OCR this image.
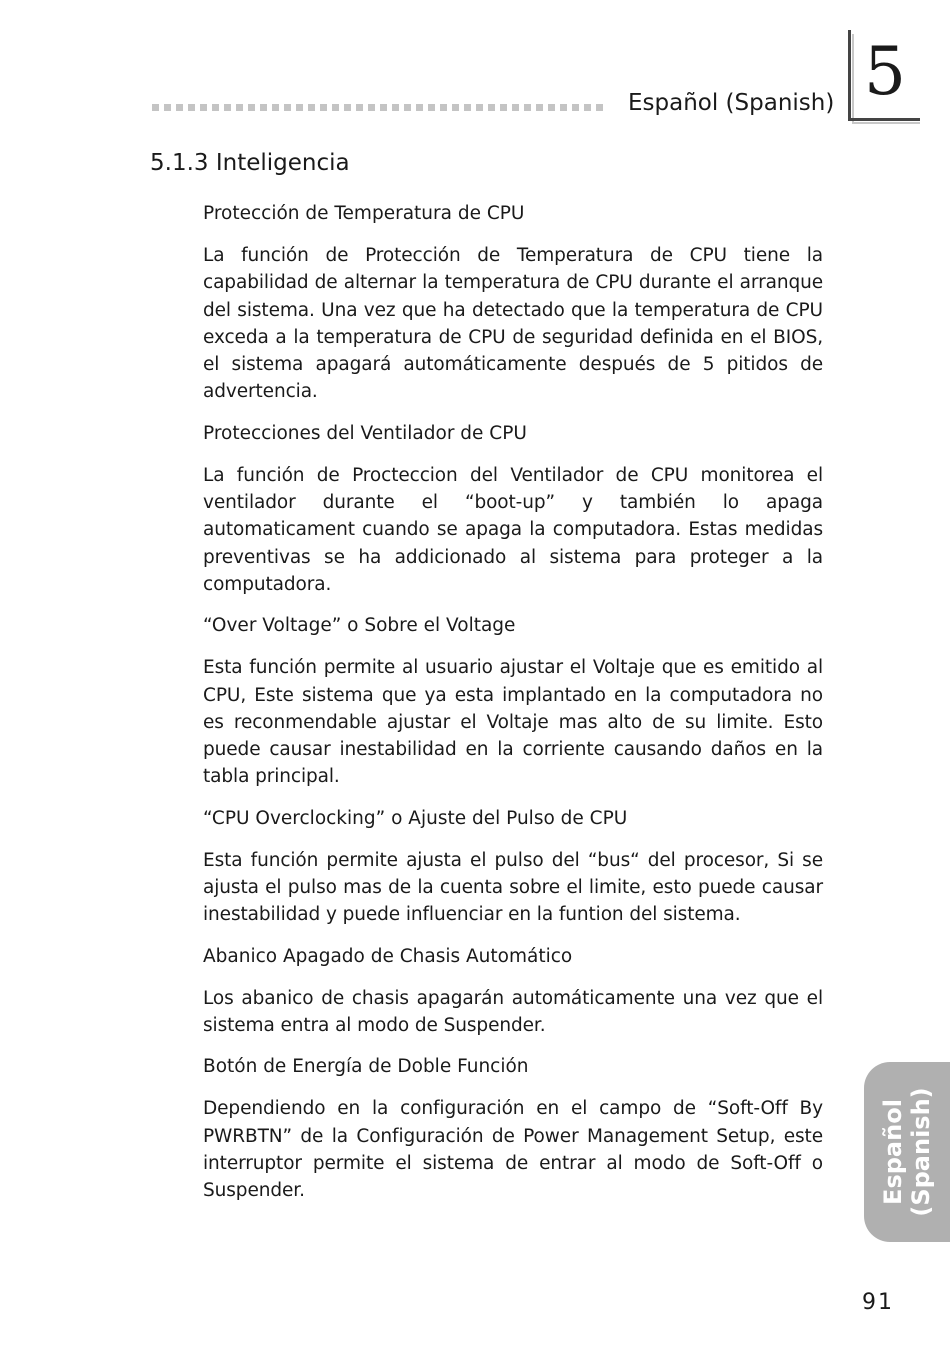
Español (Spanish) 5
5.1.3 Inteligencia
Protección de Temperatura de CPU

La función de Protección de Temperatura de CPU tiene la capabilidad de alternar la temperatura de CPU durante el arranque del sistema. Una vez que ha detectado que la temperatura de CPU exceda a la temperatura de CPU de seguridad definida en el BIOS, el sistema apagará automáticamente después de 5 pitidos de advertencia.

Protecciones del Ventilador de CPU

La función de Procteccion del Ventilador de CPU monitorea el ventilador durante el “boot-up” y también lo apaga automaticament cuando se apaga la computadora. Estas medidas preventivas se ha addicionado al sistema para proteger a la computadora.

“Over Voltage” o Sobre el Voltage

Esta función permite al usuario ajustar el Voltaje que es emitido al CPU, Este sistema que ya esta implantado en la computadora no es reconmendable ajustar el Voltaje mas alto de su limite. Esto puede causar inestabilidad en la corriente causando daños en la tabla principal.

“CPU Overclocking” o Ajuste del Pulso de CPU

Esta función permite ajusta el pulso del “bus“ del procesor, Si se ajusta el pulso mas de la cuenta sobre el limite, esto puede causar inestabilidad y puede influenciar en la funtion del sistema.

Abanico Apagado de Chasis Automático

Los abanico de chasis apagarán automáticamente una vez que el sistema entra al modo de Suspender.

Botón de Energía de Doble Función

Dependiendo en la configuración en el campo de “Soft-Off By PWRBTN” de la Configuración de Power Management Setup, este interruptor permite el sistema de entrar al modo de Soft-Off o Suspender.	Español (Spanish)
91
